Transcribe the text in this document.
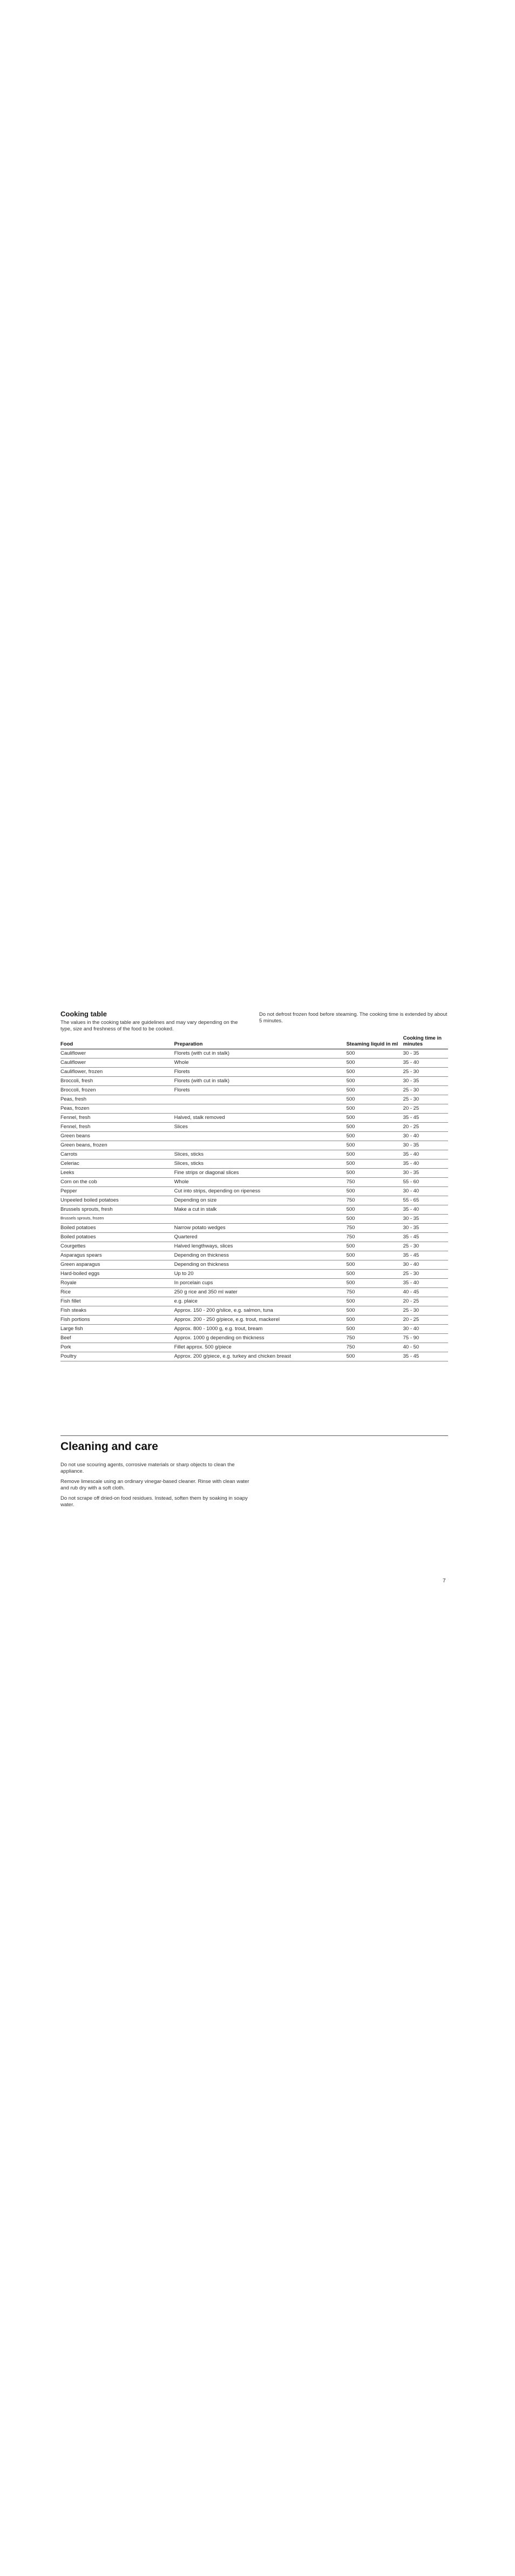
Cooking table

The values in the cooking table are guidelines and may vary depending on the type, size and freshness of the food to be cooked.

Do not defrost frozen food before steaming. The cooking time is extended by about 5 minutes.

Food	Preparation	Steaming liquid in ml	Cooking time in minutes
Cauliflower	Florets (with cut in stalk)	500	30 - 35
Cauliflower	Whole	500	35 - 40
Cauliflower, frozen	Florets	500	25 - 30
Broccoli, fresh	Florets (with cut in stalk)	500	30 - 35
Broccoli, frozen	Florets	500	25 - 30
Peas, fresh		500	25 - 30
Peas, frozen		500	20 - 25
Fennel, fresh	Halved, stalk removed	500	35 - 45
Fennel, fresh	Slices	500	20 - 25
Green beans		500	30 - 40
Green beans, frozen		500	30 - 35
Carrots	Slices, sticks	500	35 - 40
Celeriac	Slices, sticks	500	35 - 40
Leeks	Fine strips or diagonal slices	500	30 - 35
Corn on the cob	Whole	750	55 - 60
Pepper	Cut into strips, depending on ripeness	500	30 - 40
Unpeeled boiled potatoes	Depending on size	750	55 - 65
Brussels sprouts, fresh	Make a cut in stalk	500	35 - 40
Brussels sprouts, frozen		500	30 - 35
Boiled potatoes	Narrow potato wedges	750	30 - 35
Boiled potatoes	Quartered	750	35 - 45
Courgettes	Halved lengthways, slices	500	25 - 30
Asparagus spears	Depending on thickness	500	35 - 45
Green asparagus	Depending on thickness	500	30 - 40
Hard-boiled eggs	Up to 20	500	25 - 30
Royale	In porcelain cups	500	35 - 40
Rice	250 g rice and 350 ml water	750	40 - 45
Fish fillet	e.g. plaice	500	20 - 25
Fish steaks	Approx. 150 - 200 g/slice, e.g. salmon, tuna	500	25 - 30
Fish portions	Approx. 200 - 250 g/piece, e.g. trout, mackerel	500	20 - 25
Large fish	Approx. 800 - 1000 g, e.g. trout, bream	500	30 - 40
Beef	Approx. 1000 g depending on thickness	750	75 - 90
Pork	Fillet approx. 500 g/piece	750	40 - 50
Poultry	Approx. 200 g/piece, e.g. turkey and chicken breast	500	35 - 45
Cleaning and care

Do not use scouring agents, corrosive materials or sharp objects to clean the appliance.

Remove limescale using an ordinary vinegar-based cleaner. Rinse with clean water and rub dry with a soft cloth.

Do not scrape off dried-on food residues. Instead, soften them by soaking in soapy water.

7
